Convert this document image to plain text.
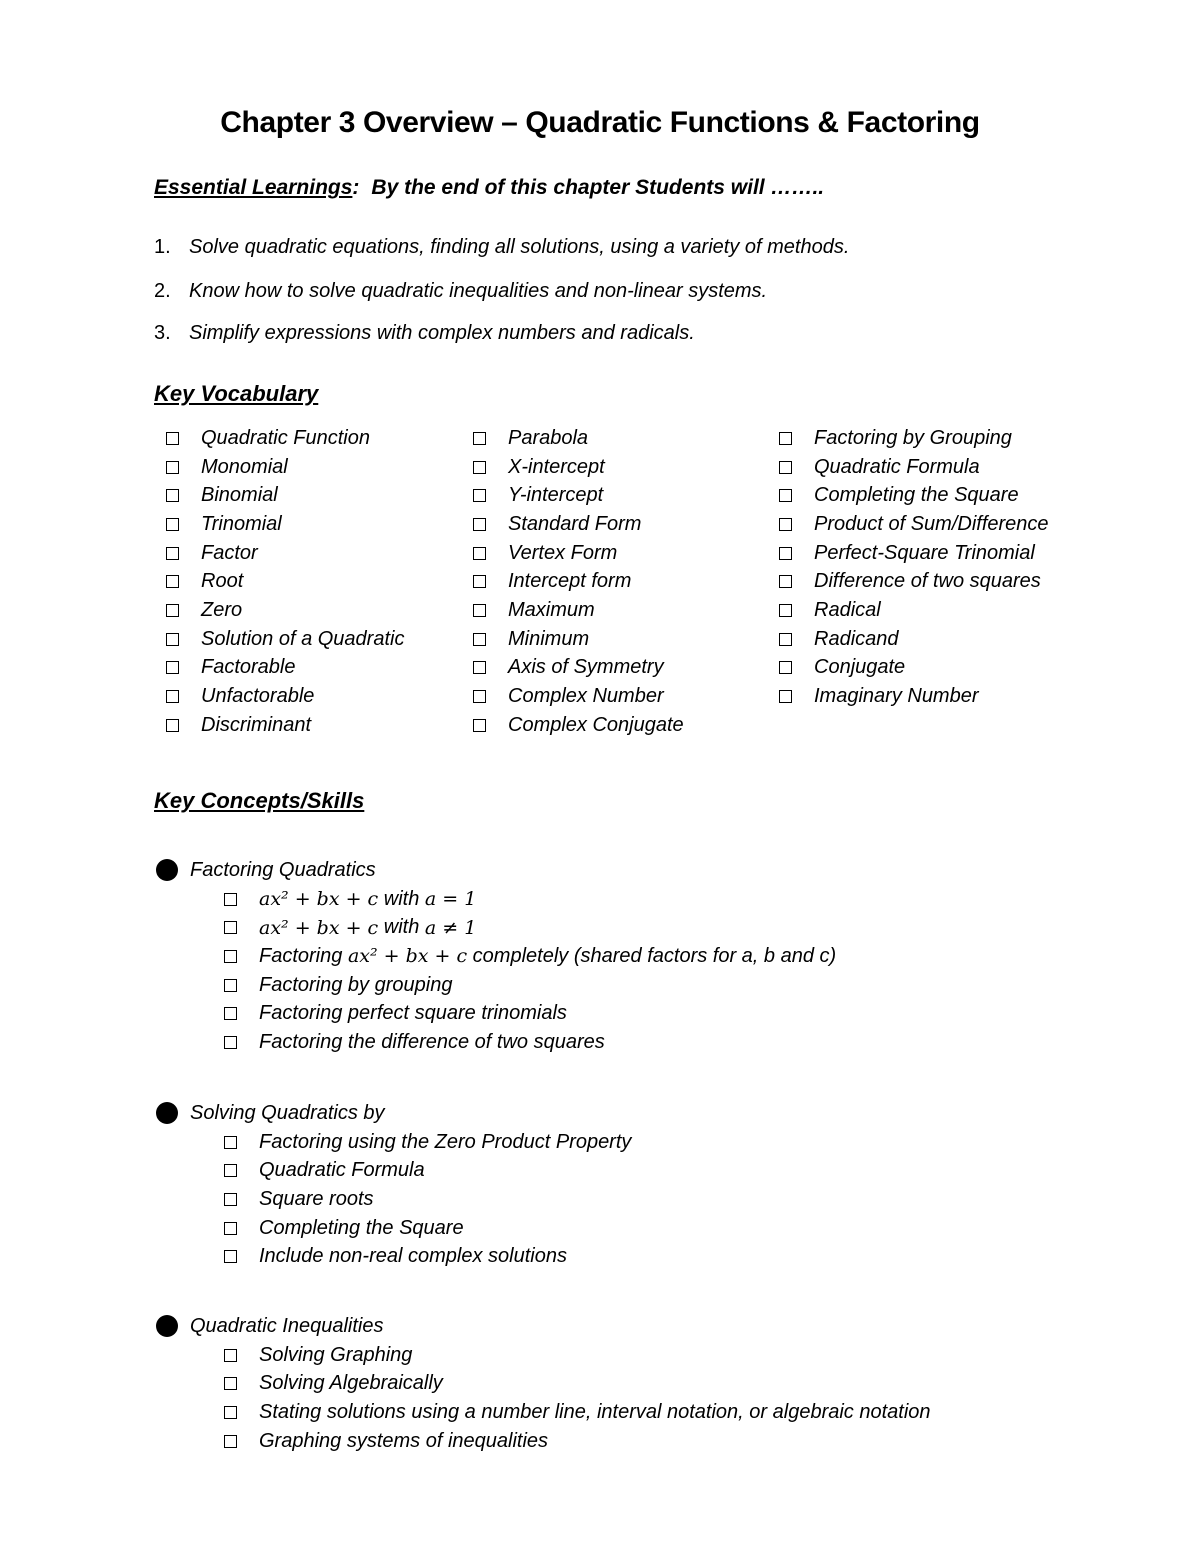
Chapter 3 Overview – Quadratic Functions & Factoring
Essential Learnings: By the end of this chapter Students will ……..
1. Solve quadratic equations, finding all solutions, using a variety of methods.
2. Know how to solve quadratic inequalities and non-linear systems.
3. Simplify expressions with complex numbers and radicals.
Key Vocabulary
Quadratic Function
Monomial
Binomial
Trinomial
Factor
Root
Zero
Solution of a Quadratic
Factorable
Unfactorable
Discriminant
Parabola
X-intercept
Y-intercept
Standard Form
Vertex Form
Intercept form
Maximum
Minimum
Axis of Symmetry
Complex Number
Complex Conjugate
Factoring by Grouping
Quadratic Formula
Completing the Square
Product of Sum/Difference
Perfect-Square Trinomial
Difference of two squares
Radical
Radicand
Conjugate
Imaginary Number
Key Concepts/Skills
Factoring Quadratics
ax² + bx + c with a = 1
ax² + bx + c with a ≠ 1
Factoring ax² + bx + c completely (shared factors for a, b and c)
Factoring by grouping
Factoring perfect square trinomials
Factoring the difference of two squares
Solving Quadratics by
Factoring using the Zero Product Property
Quadratic Formula
Square roots
Completing the Square
Include non-real complex solutions
Quadratic Inequalities
Solving Graphing
Solving Algebraically
Stating solutions using a number line, interval notation, or algebraic notation
Graphing systems of inequalities
